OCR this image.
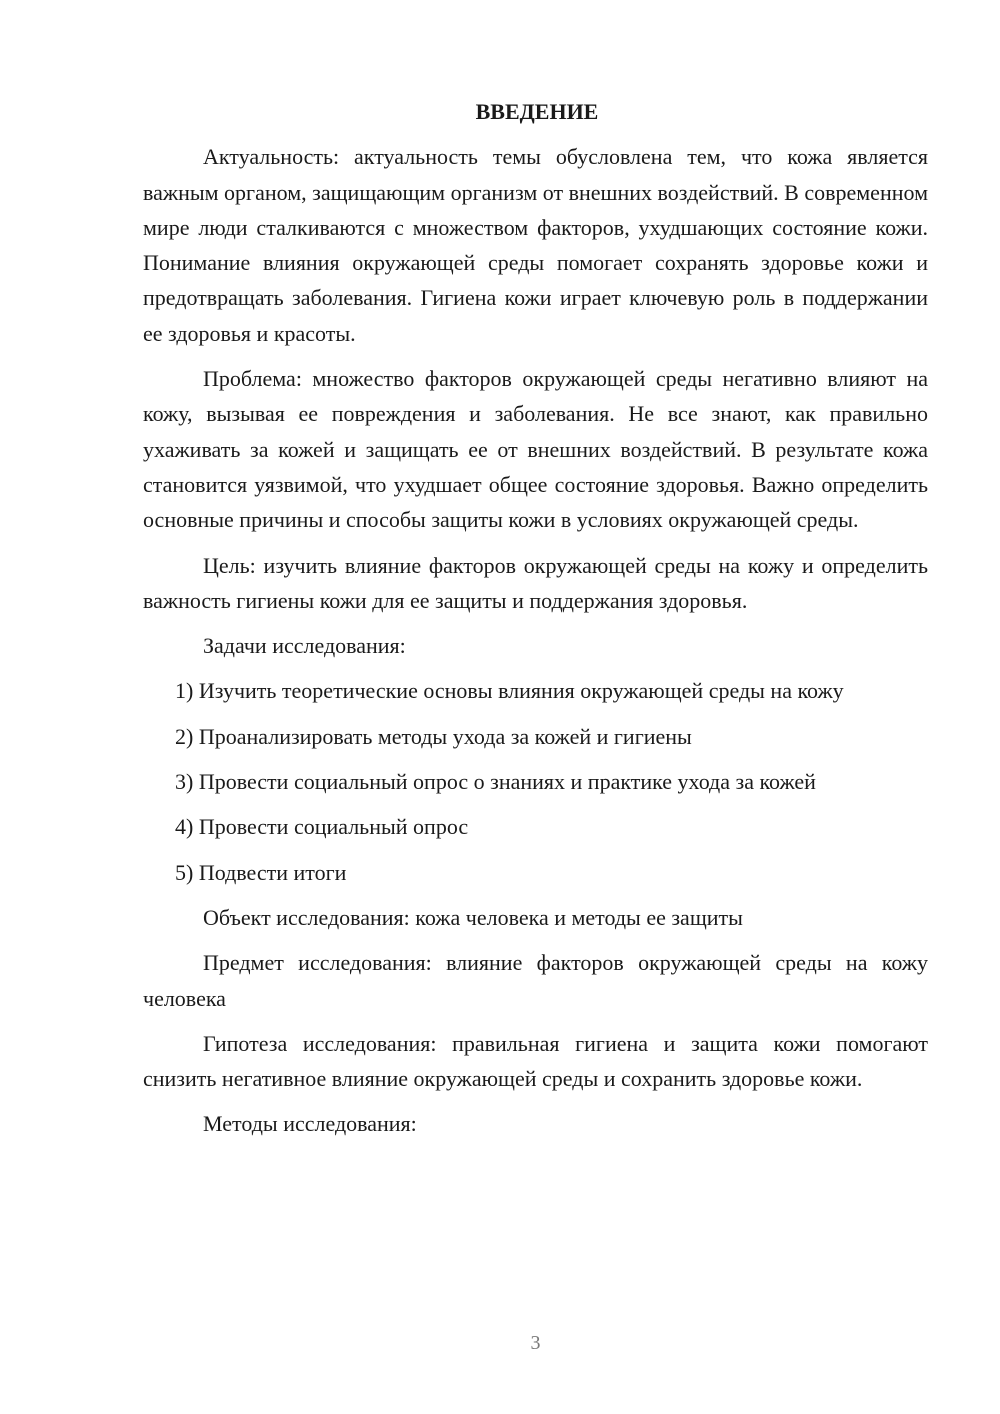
ВВЕДЕНИЕ

Актуальность: актуальность темы обусловлена тем, что кожа является важным органом, защищающим организм от внешних воздействий. В современном мире люди сталкиваются с множеством факторов, ухудшающих состояние кожи. Понимание влияния окружающей среды помогает сохранять здоровье кожи и предотвращать заболевания. Гигиена кожи играет ключевую роль в поддержании ее здоровья и красоты.

Проблема: множество факторов окружающей среды негативно влияют на кожу, вызывая ее повреждения и заболевания. Не все знают, как правильно ухаживать за кожей и защищать ее от внешних воздействий. В результате кожа становится уязвимой, что ухудшает общее состояние здоровья. Важно определить основные причины и способы защиты кожи в условиях окружающей среды.

Цель: изучить влияние факторов окружающей среды на кожу и определить важность гигиены кожи для ее защиты и поддержания здоровья.

Задачи исследования:

1) Изучить теоретические основы влияния окружающей среды на кожу
2) Проанализировать методы ухода за кожей и гигиены
3) Провести социальный опрос о знаниях и практике ухода за кожей
4) Провести социальный опрос
5) Подвести итоги

Объект исследования: кожа человека и методы ее защиты

Предмет исследования: влияние факторов окружающей среды на кожу человека

Гипотеза исследования: правильная гигиена и защита кожи помогают снизить негативное влияние окружающей среды и сохранить здоровье кожи.

Методы исследования:

3
